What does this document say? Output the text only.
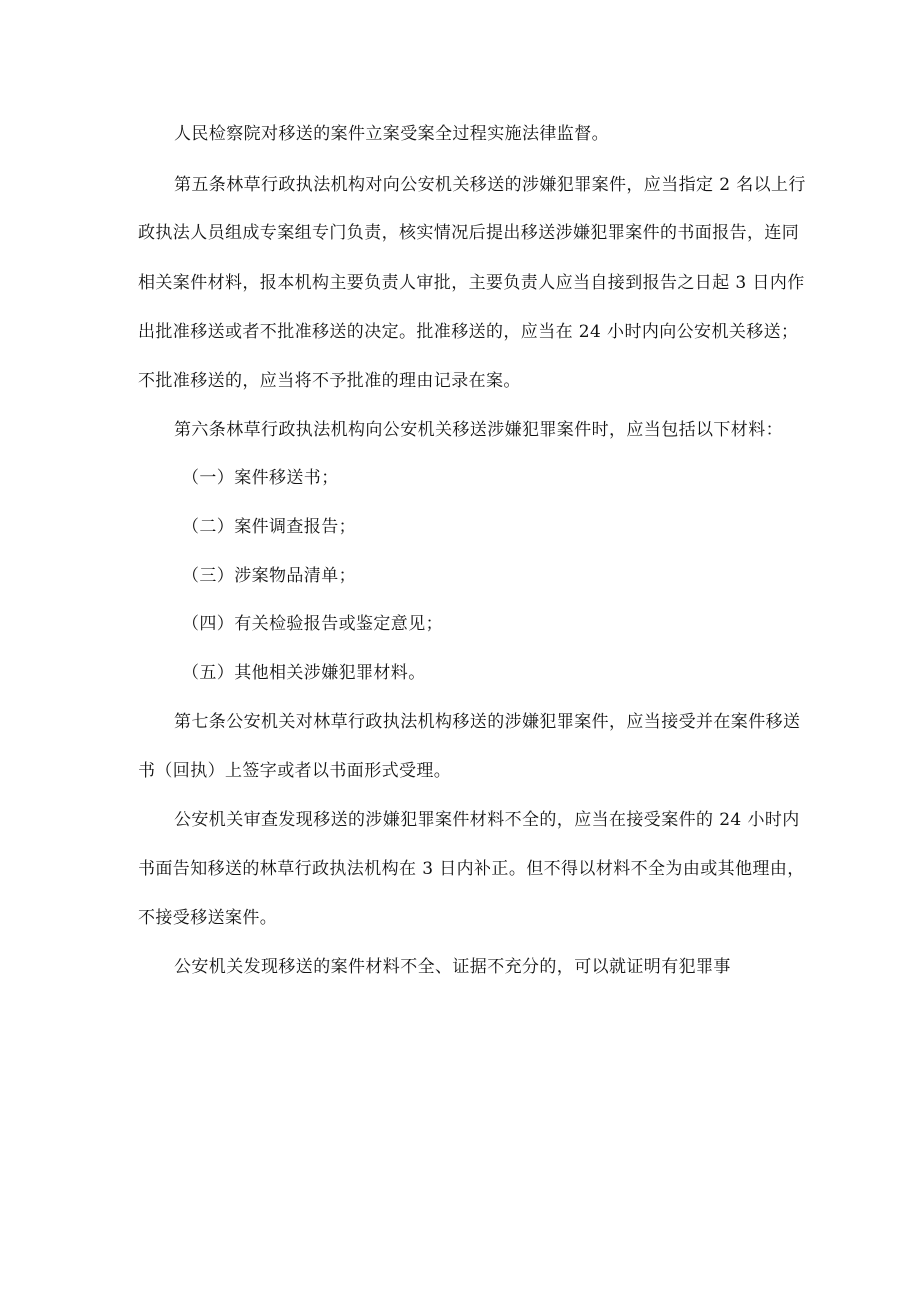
人民检察院对移送的案件立案受案全过程实施法律监督。
第五条林草行政执法机构对向公安机关移送的涉嫌犯罪案件，应当指定 2 名以上行
政执法人员组成专案组专门负责，核实情况后提出移送涉嫌犯罪案件的书面报告，连同
相关案件材料，报本机构主要负责人审批，主要负责人应当自接到报告之日起 3 日内作
出批准移送或者不批准移送的决定。批准移送的，应当在 24 小时内向公安机关移送；
不批准移送的，应当将不予批准的理由记录在案。
第六条林草行政执法机构向公安机关移送涉嫌犯罪案件时，应当包括以下材料：
（一）案件移送书；
（二）案件调查报告；
（三）涉案物品清单；
（四）有关检验报告或鉴定意见；
（五）其他相关涉嫌犯罪材料。
第七条公安机关对林草行政执法机构移送的涉嫌犯罪案件，应当接受并在案件移送
书（回执）上签字或者以书面形式受理。
公安机关审查发现移送的涉嫌犯罪案件材料不全的，应当在接受案件的 24 小时内
书面告知移送的林草行政执法机构在 3 日内补正。但不得以材料不全为由或其他理由，
不接受移送案件。
公安机关发现移送的案件材料不全、证据不充分的，可以就证明有犯罪事
